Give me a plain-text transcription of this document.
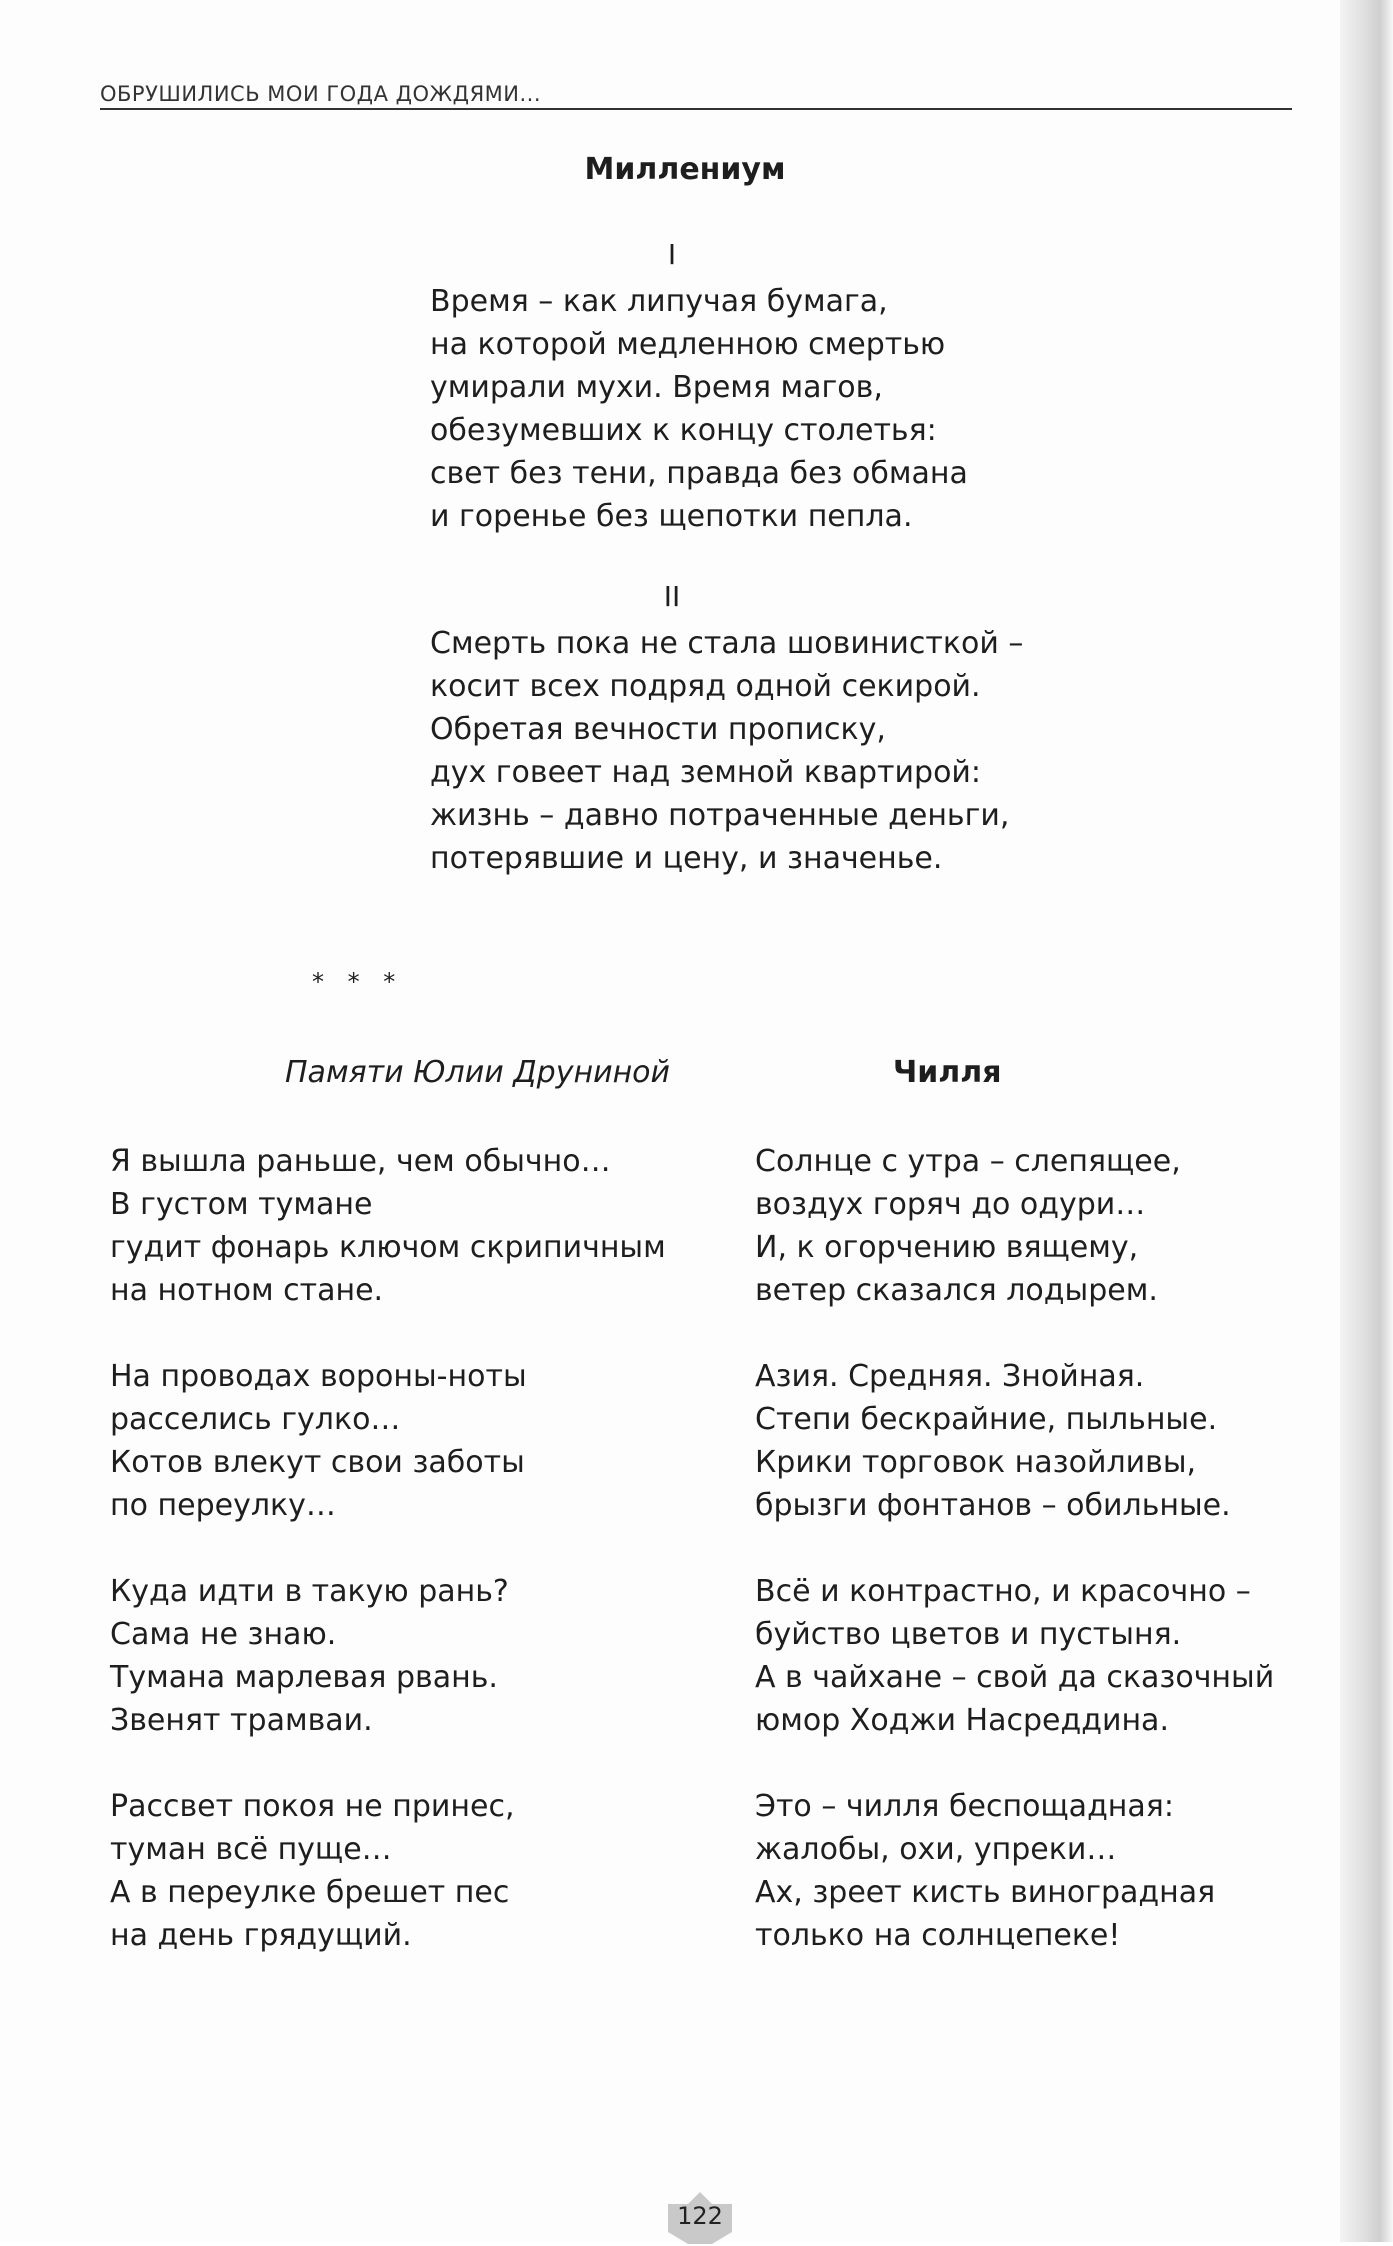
ОБРУШИЛИСЬ МОИ ГОДА ДОЖДЯМИ...
Миллениум
I
Время – как липучая бумага,
на которой медленною смертью
умирали мухи. Время магов,
обезумевших к концу столетья:
свет без тени, правда без обмана
и горенье без щепотки пепла.
II
Смерть пока не стала шовинисткой –
косит всех подряд одной секирой.
Обретая вечности прописку,
дух говеет над земной квартирой:
жизнь – давно потраченные деньги,
потерявшие и цену, и значенье.
* * *
Памяти Юлии Друниной	Чилля
Я вышла раньше, чем обычно…
В густом тумане
гудит фонарь ключом скрипичным
на нотном стане.
На проводах вороны-ноты
расселись гулко…
Котов влекут свои заботы
по переулку…
Куда идти в такую рань?
Сама не знаю.
Тумана марлевая рвань.
Звенят трамваи.
Рассвет покоя не принес,
туман всё пуще…
А в переулке брешет пес
на день грядущий.
Солнце с утра – слепящее,
воздух горяч до одури…
И, к огорчению вящему,
ветер сказался лодырем.
Азия. Средняя. Знойная.
Степи бескрайние, пыльные.
Крики торговок назойливы,
брызги фонтанов – обильные.
Всё и контрастно, и красочно –
буйство цветов и пустыня.
А в чайхане – свой да сказочный
юмор Ходжи Насреддина.
Это – чилля беспощадная:
жалобы, охи, упреки…
Ах, зреет кисть виноградная
только на солнцепеке!
122
